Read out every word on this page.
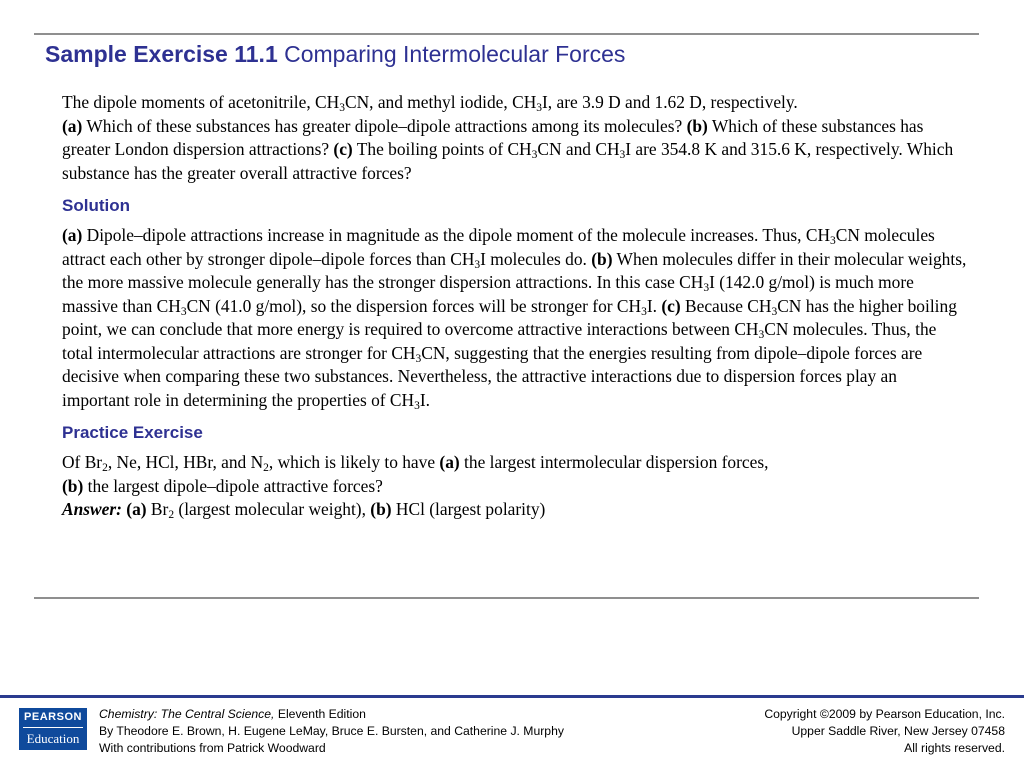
Sample Exercise 11.1 Comparing Intermolecular Forces

The dipole moments of acetonitrile, $CH_3CN$, and methyl iodide, $CH_3I$, are 3.9 D and 1.62 D, respectively.
(a) Which of these substances has greater dipole–dipole attractions among its molecules? (b) Which of these substances has greater London dispersion attractions? (c) The boiling points of $CH_3CN$ and $CH_3I$ are 354.8 K and 315.6 K, respectively. Which substance has the greater overall attractive forces?

Solution

(a) Dipole–dipole attractions increase in magnitude as the dipole moment of the molecule increases. Thus, $CH_3CN$ molecules attract each other by stronger dipole–dipole forces than $CH_3I$ molecules do. (b) When molecules differ in their molecular weights, the more massive molecule generally has the stronger dispersion attractions. In this case $CH_3I$ (142.0 g/mol) is much more massive than $CH_3CN$ (41.0 g/mol), so the dispersion forces will be stronger for $CH_3I$. (c) Because $CH_3CN$ has the higher boiling point, we can conclude that more energy is required to overcome attractive interactions between $CH_3CN$ molecules. Thus, the total intermolecular attractions are stronger for $CH_3CN$, suggesting that the energies resulting from dipole–dipole forces are decisive when comparing these two substances. Nevertheless, the attractive interactions due to dispersion forces play an important role in determining the properties of $CH_3I$.

Practice Exercise

Of $Br_2$, Ne, HCl, HBr, and $N_2$, which is likely to have (a) the largest intermolecular dispersion forces,
(b) the largest dipole–dipole attractive forces?
Answer: (a) $Br_2$ (largest molecular weight), (b) HCl (largest polarity)

PEARSON
Education
Chemistry: The Central Science, Eleventh Edition
By Theodore E. Brown, H. Eugene LeMay, Bruce E. Bursten, and Catherine J. Murphy
With contributions from Patrick Woodward
Copyright ©2009 by Pearson Education, Inc.
Upper Saddle River, New Jersey 07458
All rights reserved.
